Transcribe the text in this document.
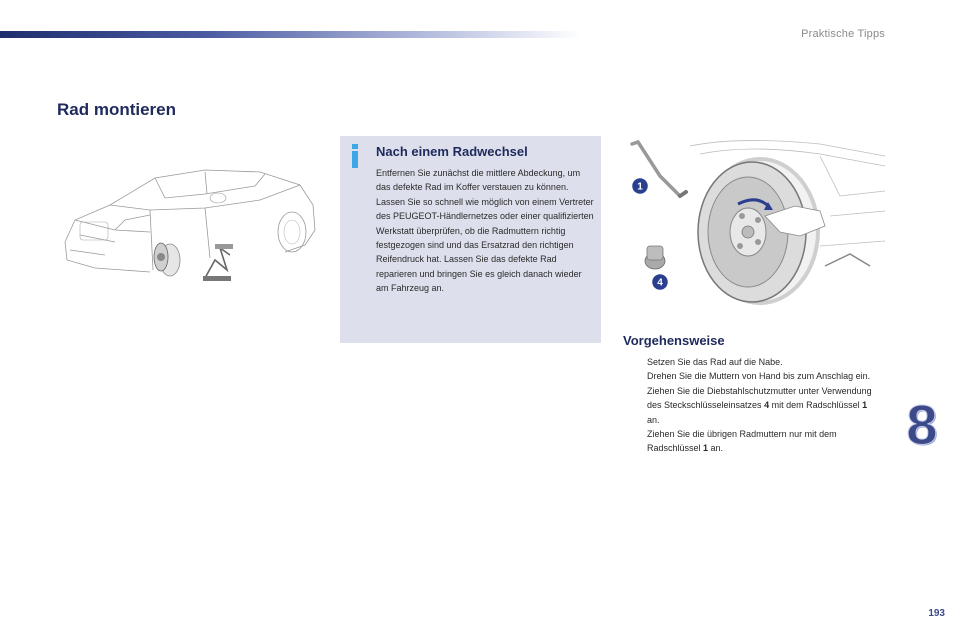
Praktische Tipps
Rad montieren
Nach einem Radwechsel

Entfernen Sie zunächst die mittlere Abdeckung, um das defekte Rad im Koffer verstauen zu können.

Lassen Sie so schnell wie möglich von einem Vertreter des PEUGEOT-Händlernetzes oder einer qualifizierten Werkstatt überprüfen, ob die Radmuttern richtig festgezogen sind und das Ersatzrad den richtigen Reifendruck hat. Lassen Sie das defekte Rad reparieren und bringen Sie es gleich danach wieder am Fahrzeug an.

1
4
Vorgehensweise
Setzen Sie das Rad auf die Nabe.
Drehen Sie die Muttern von Hand bis zum Anschlag ein.
Ziehen Sie die Diebstahlschutzmutter unter Verwendung des Steckschlüsseleinsatzes 4 mit dem Radschlüssel 1 an.
Ziehen Sie die übrigen Radmuttern nur mit dem Radschlüssel 1 an.	8
193
